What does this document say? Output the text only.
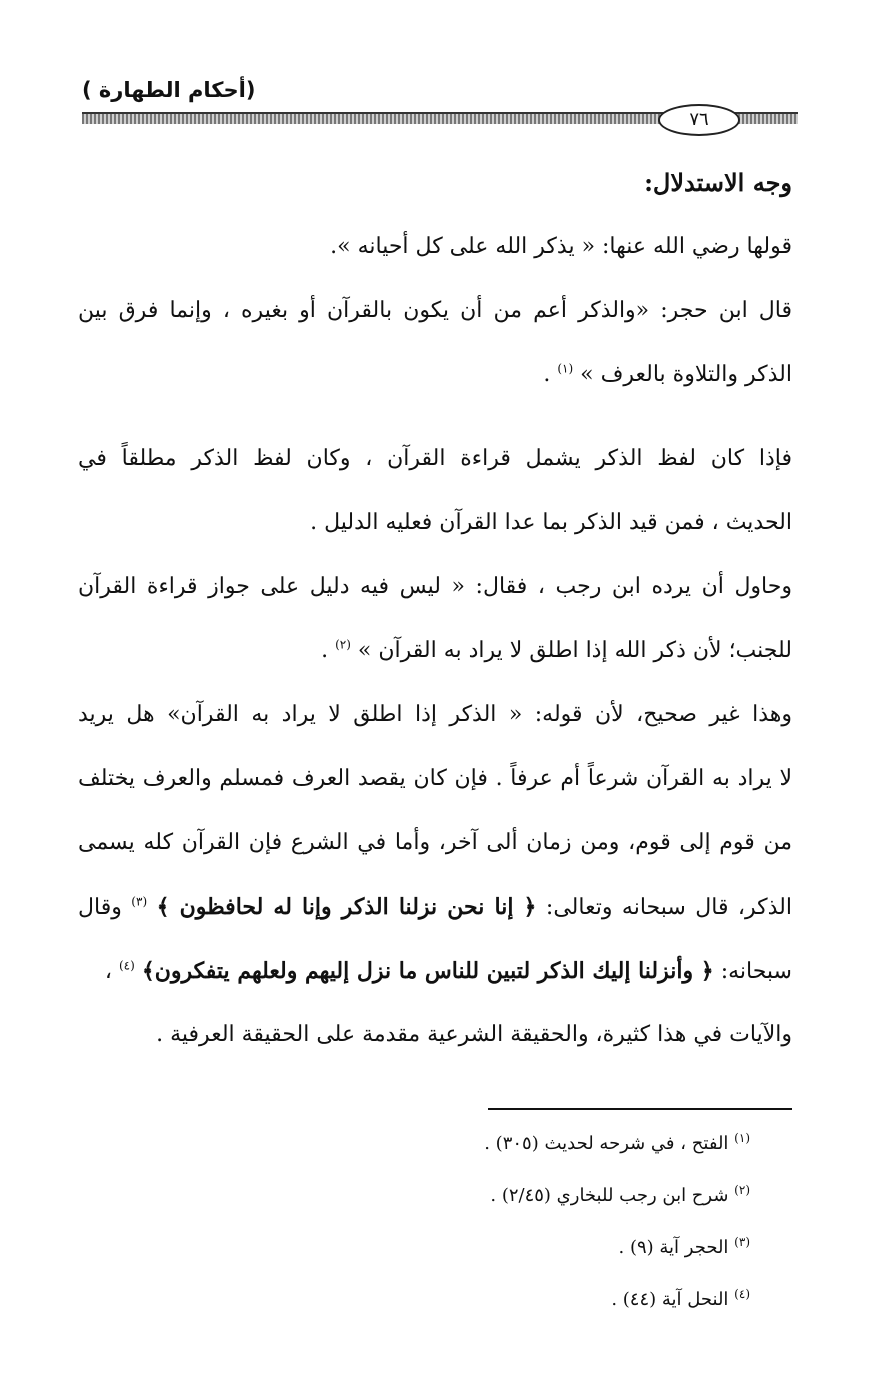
(أحكام الطهارة )
٧٦
وجه الاستدلال:
قولها رضي الله عنها: « يذكر الله على كل أحيانه ».
قال ابن حجر: «والذكر أعم من أن يكون بالقرآن أو بغيره ، وإنما فرق بين
الذكر والتلاوة بالعرف » $^{(١)}$ .
فإذا كان لفظ الذكر يشمل قراءة القرآن ، وكان لفظ الذكر مطلقاً في
الحديث ، فمن قيد الذكر بما عدا القرآن فعليه الدليل .
وحاول أن يرده ابن رجب ، فقال: « ليس فيه دليل على جواز قراءة القرآن
للجنب؛ لأن ذكر الله إذا اطلق لا يراد به القرآن » $^{(٢)}$ .
وهذا غير صحيح، لأن قوله: « الذكر إذا اطلق لا يراد به القرآن» هل يريد
لا يراد به القرآن شرعاً أم عرفاً . فإن كان يقصد العرف فمسلم والعرف يختلف
من قوم إلى قوم، ومن زمان ألى آخر، وأما في الشرع فإن القرآن كله يسمى
الذكر، قال سبحانه وتعالى: ﴿ إنا نحن نزلنا الذكر وإنا له لحافظون ﴾ $^{(٣)}$ وقال
سبحانه: ﴿ وأنزلنا إليك الذكر لتبين للناس ما نزل إليهم ولعلهم يتفكرون﴾ $^{(٤)}$ ،
والآيات في هذا كثيرة، والحقيقة الشرعية مقدمة على الحقيقة العرفية .
$^{(١)}$ الفتح ، في شرحه لحديث (٣٠٥) .
$^{(٢)}$ شرح ابن رجب للبخاري (٢/٤٥) .
$^{(٣)}$ الحجر آية (٩) .
$^{(٤)}$ النحل آية (٤٤) .
